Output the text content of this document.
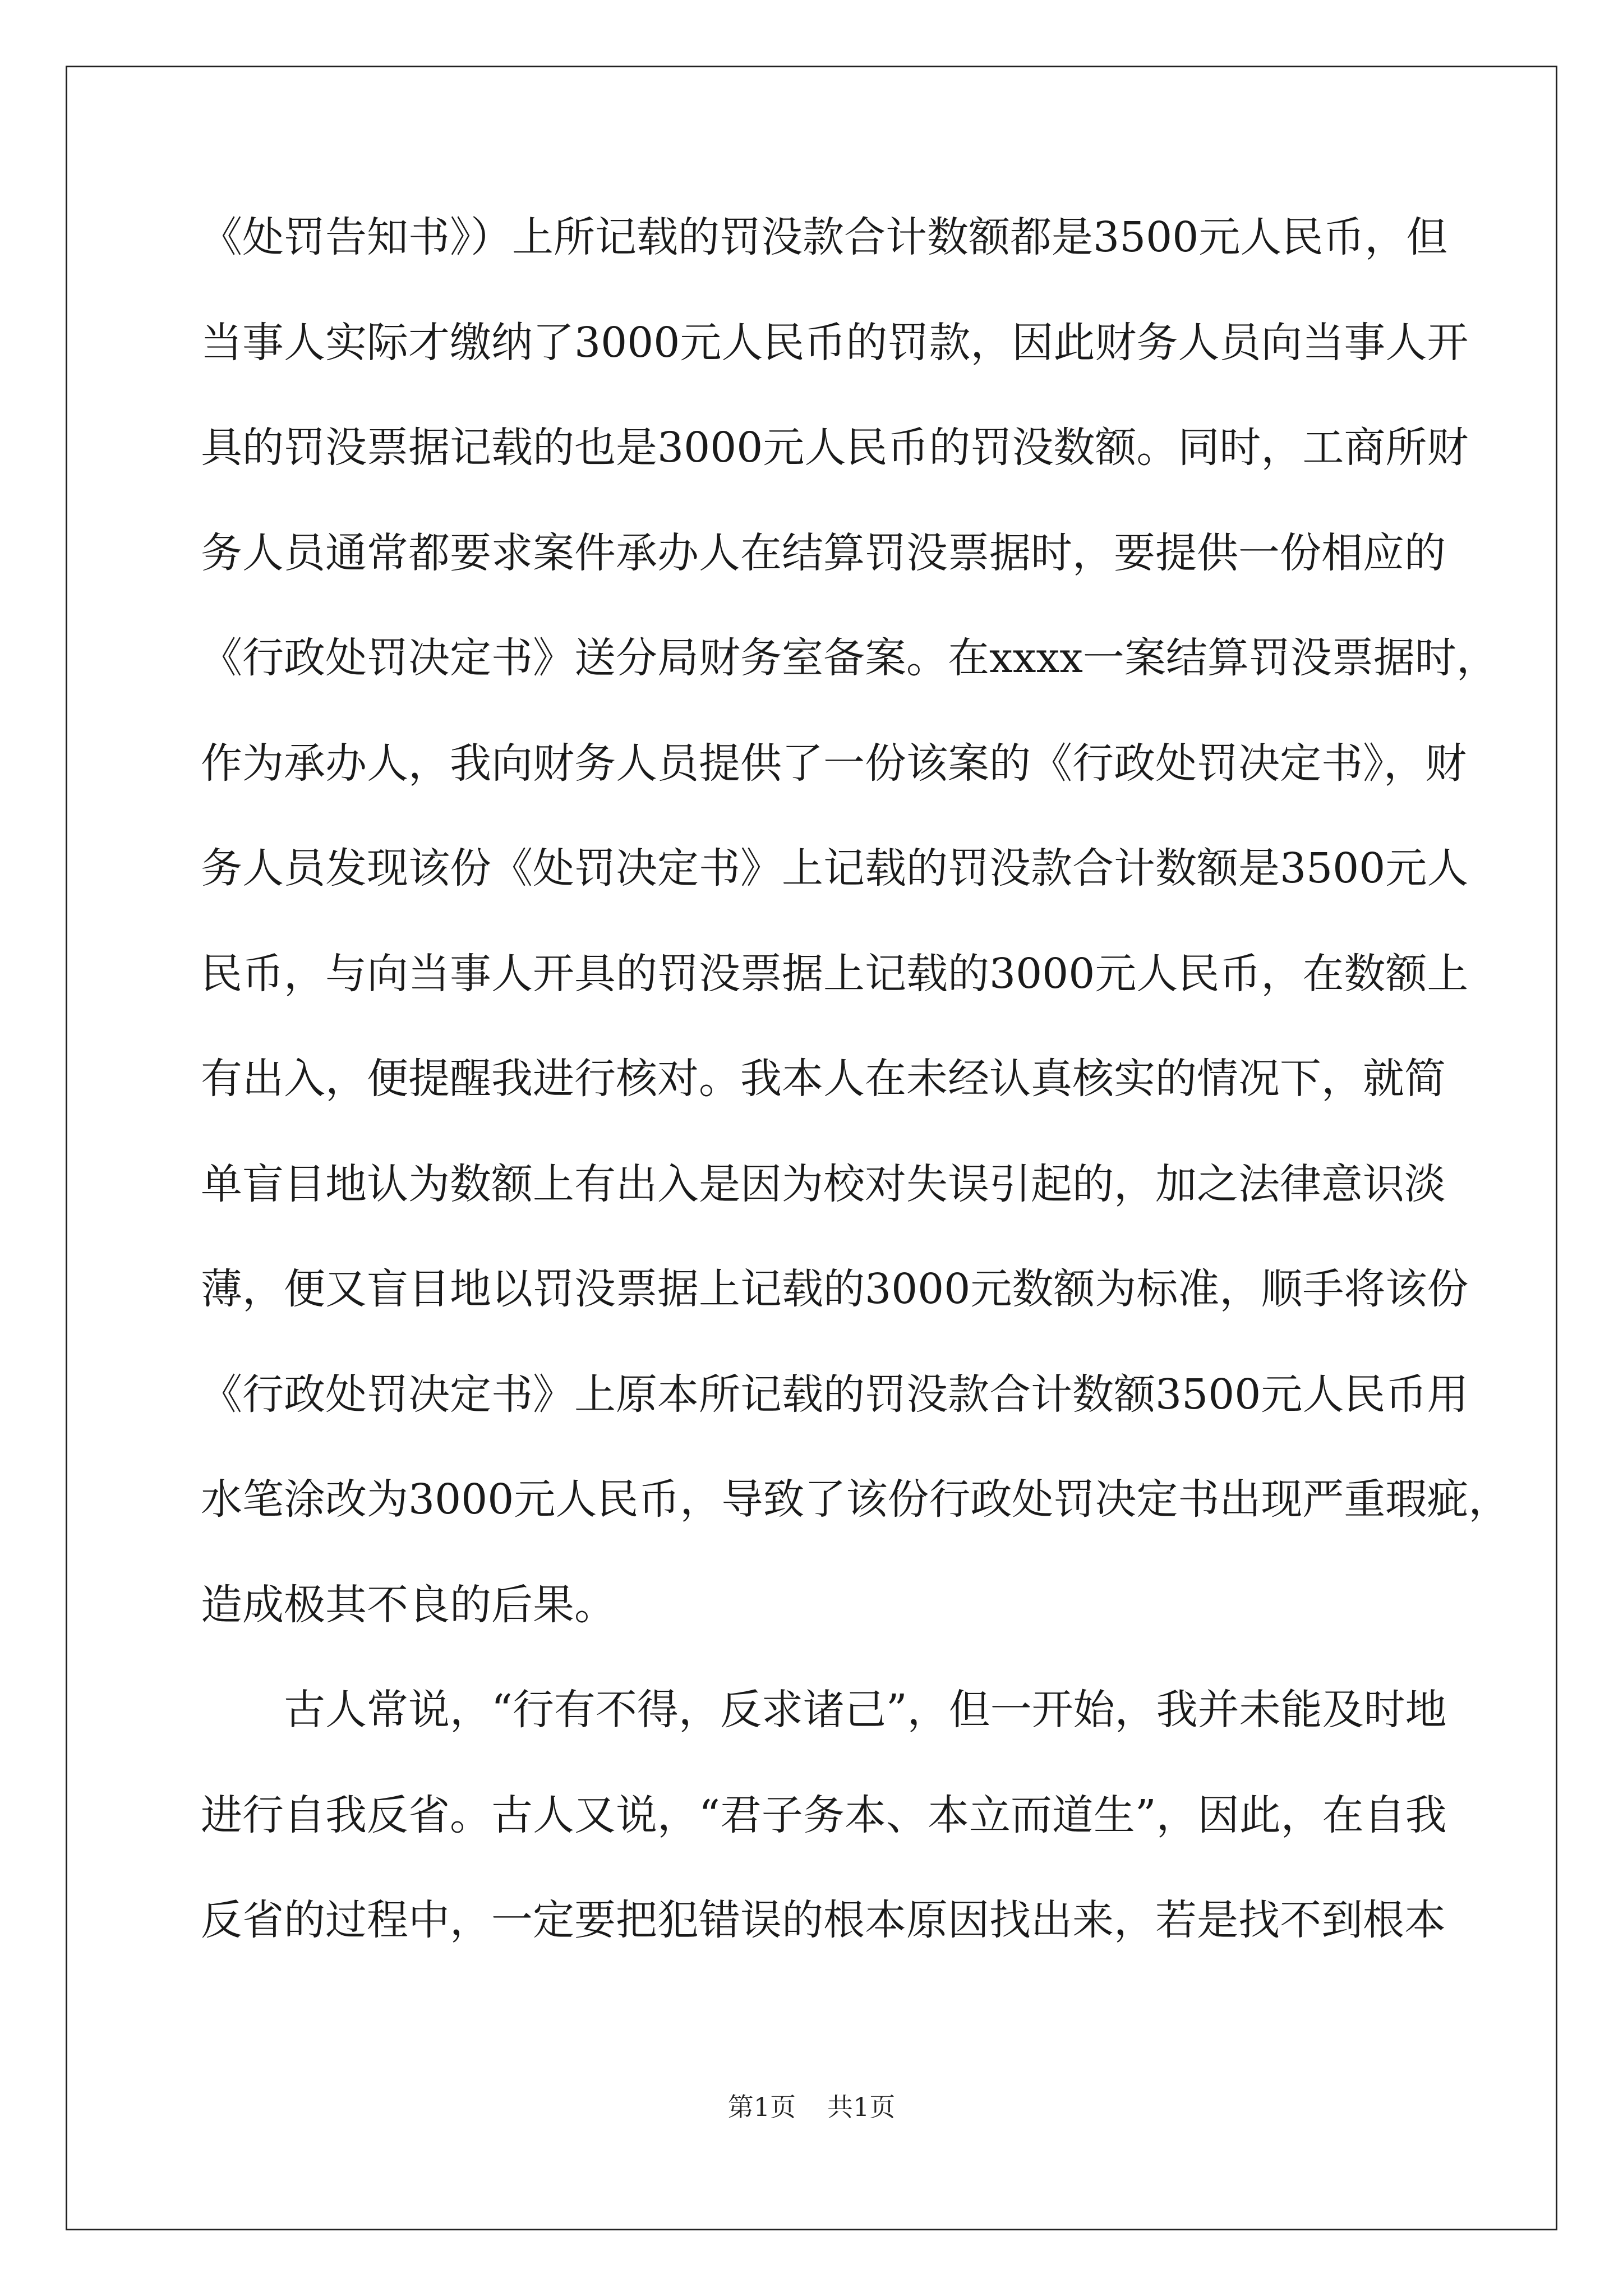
《处罚告知书》）上所记载的罚没款合计数额都是3500元人民币，但
当事人实际才缴纳了3000元人民币的罚款，因此财务人员向当事人开
具的罚没票据记载的也是3000元人民币的罚没数额。同时，工商所财
务人员通常都要求案件承办人在结算罚没票据时，要提供一份相应的
《行政处罚决定书》送分局财务室备案。在xxxx一案结算罚没票据时，
作为承办人，我向财务人员提供了一份该案的《行政处罚决定书》，财
务人员发现该份《处罚决定书》上记载的罚没款合计数额是3500元人
民币，与向当事人开具的罚没票据上记载的3000元人民币，在数额上
有出入，便提醒我进行核对。我本人在未经认真核实的情况下，就简
单盲目地认为数额上有出入是因为校对失误引起的，加之法律意识淡
薄，便又盲目地以罚没票据上记载的3000元数额为标准，顺手将该份
《行政处罚决定书》上原本所记载的罚没款合计数额3500元人民币用
水笔涂改为3000元人民币，导致了该份行政处罚决定书出现严重瑕疵，
造成极其不良的后果。
古人常说，“行有不得，反求诸己”，但一开始，我并未能及时地
进行自我反省。古人又说，“君子务本、本立而道生”，因此，在自我
反省的过程中，一定要把犯错误的根本原因找出来，若是找不到根本
第1页 共1页
